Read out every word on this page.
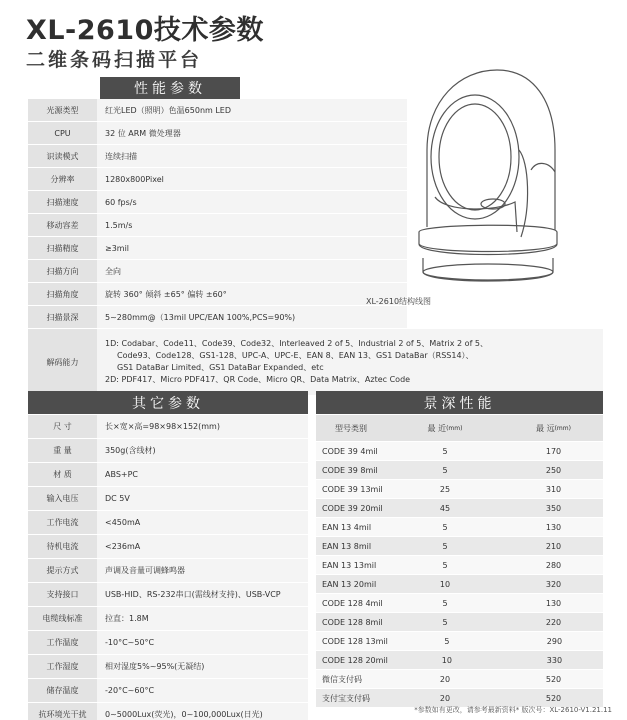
XL-2610技术参数
二维条码扫描平台
性能参数
光源类型	红光LED（照明）色温650nm LED
CPU	32 位 ARM 微处理器
识读模式	连续扫描
分辨率	1280x800Pixel
扫描速度	60 fps/s
移动容差	1.5m/s
扫描精度	≥3mil
扫描方向	全向
扫描角度	旋转 360° 倾斜 ±65° 偏转 ±60°
扫描景深	5~280mm@（13mil UPC/EAN 100%,PCS=90%)
解码能力
1D: Codabar、Code11、Code39、Code32、Interleaved 2 of 5、Industrial 2 of 5、Matrix 2 of 5、
Code93、Code128、GS1-128、UPC-A、UPC-E、EAN 8、EAN 13、GS1 DataBar（RSS14）、
GS1 DataBar Limited、GS1 DataBar Expanded、etc
2D: PDF417、Micro PDF417、QR Code、Micro QR、Data Matrix、Aztec Code
XL-2610结构线图
其它参数
尺 寸	长×宽×高=98×98×152(mm)
重 量	350g(含线材)
材 质	ABS+PC
输入电压	DC 5V
工作电流	<450mA
待机电流	<236mA
提示方式	声调及音量可调蜂鸣器
支持接口	USB-HID、RS-232串口(需线材支持)、USB-VCP
电缆线标准	拉直：1.8M
工作温度	-10°C~50°C
工作湿度	相对湿度5%~95%(无凝结)
储存温度	-20°C~60°C
抗环境光干扰	0~5000Lux(荧光)，0~100,000Lux(日光)
景深性能
型号类别	最 近 (mm)	最 远 (mm)
CODE 39 4mil	5	170
CODE 39 8mil	5	250
CODE 39 13mil	25	310
CODE 39 20mil	45	350
EAN 13 4mil	5	130
EAN 13 8mil	5	210
EAN 13 13mil	5	280
EAN 13 20mil	10	320
CODE 128 4mil	5	130
CODE 128 8mil	5	220
CODE 128 13mil	5	290
CODE 128 20mil	10	330
微信支付码	20	520
支付宝支付码	20	520
*参数如有更改，请参考最新资料* 版次号：XL-2610-V1.21.11
